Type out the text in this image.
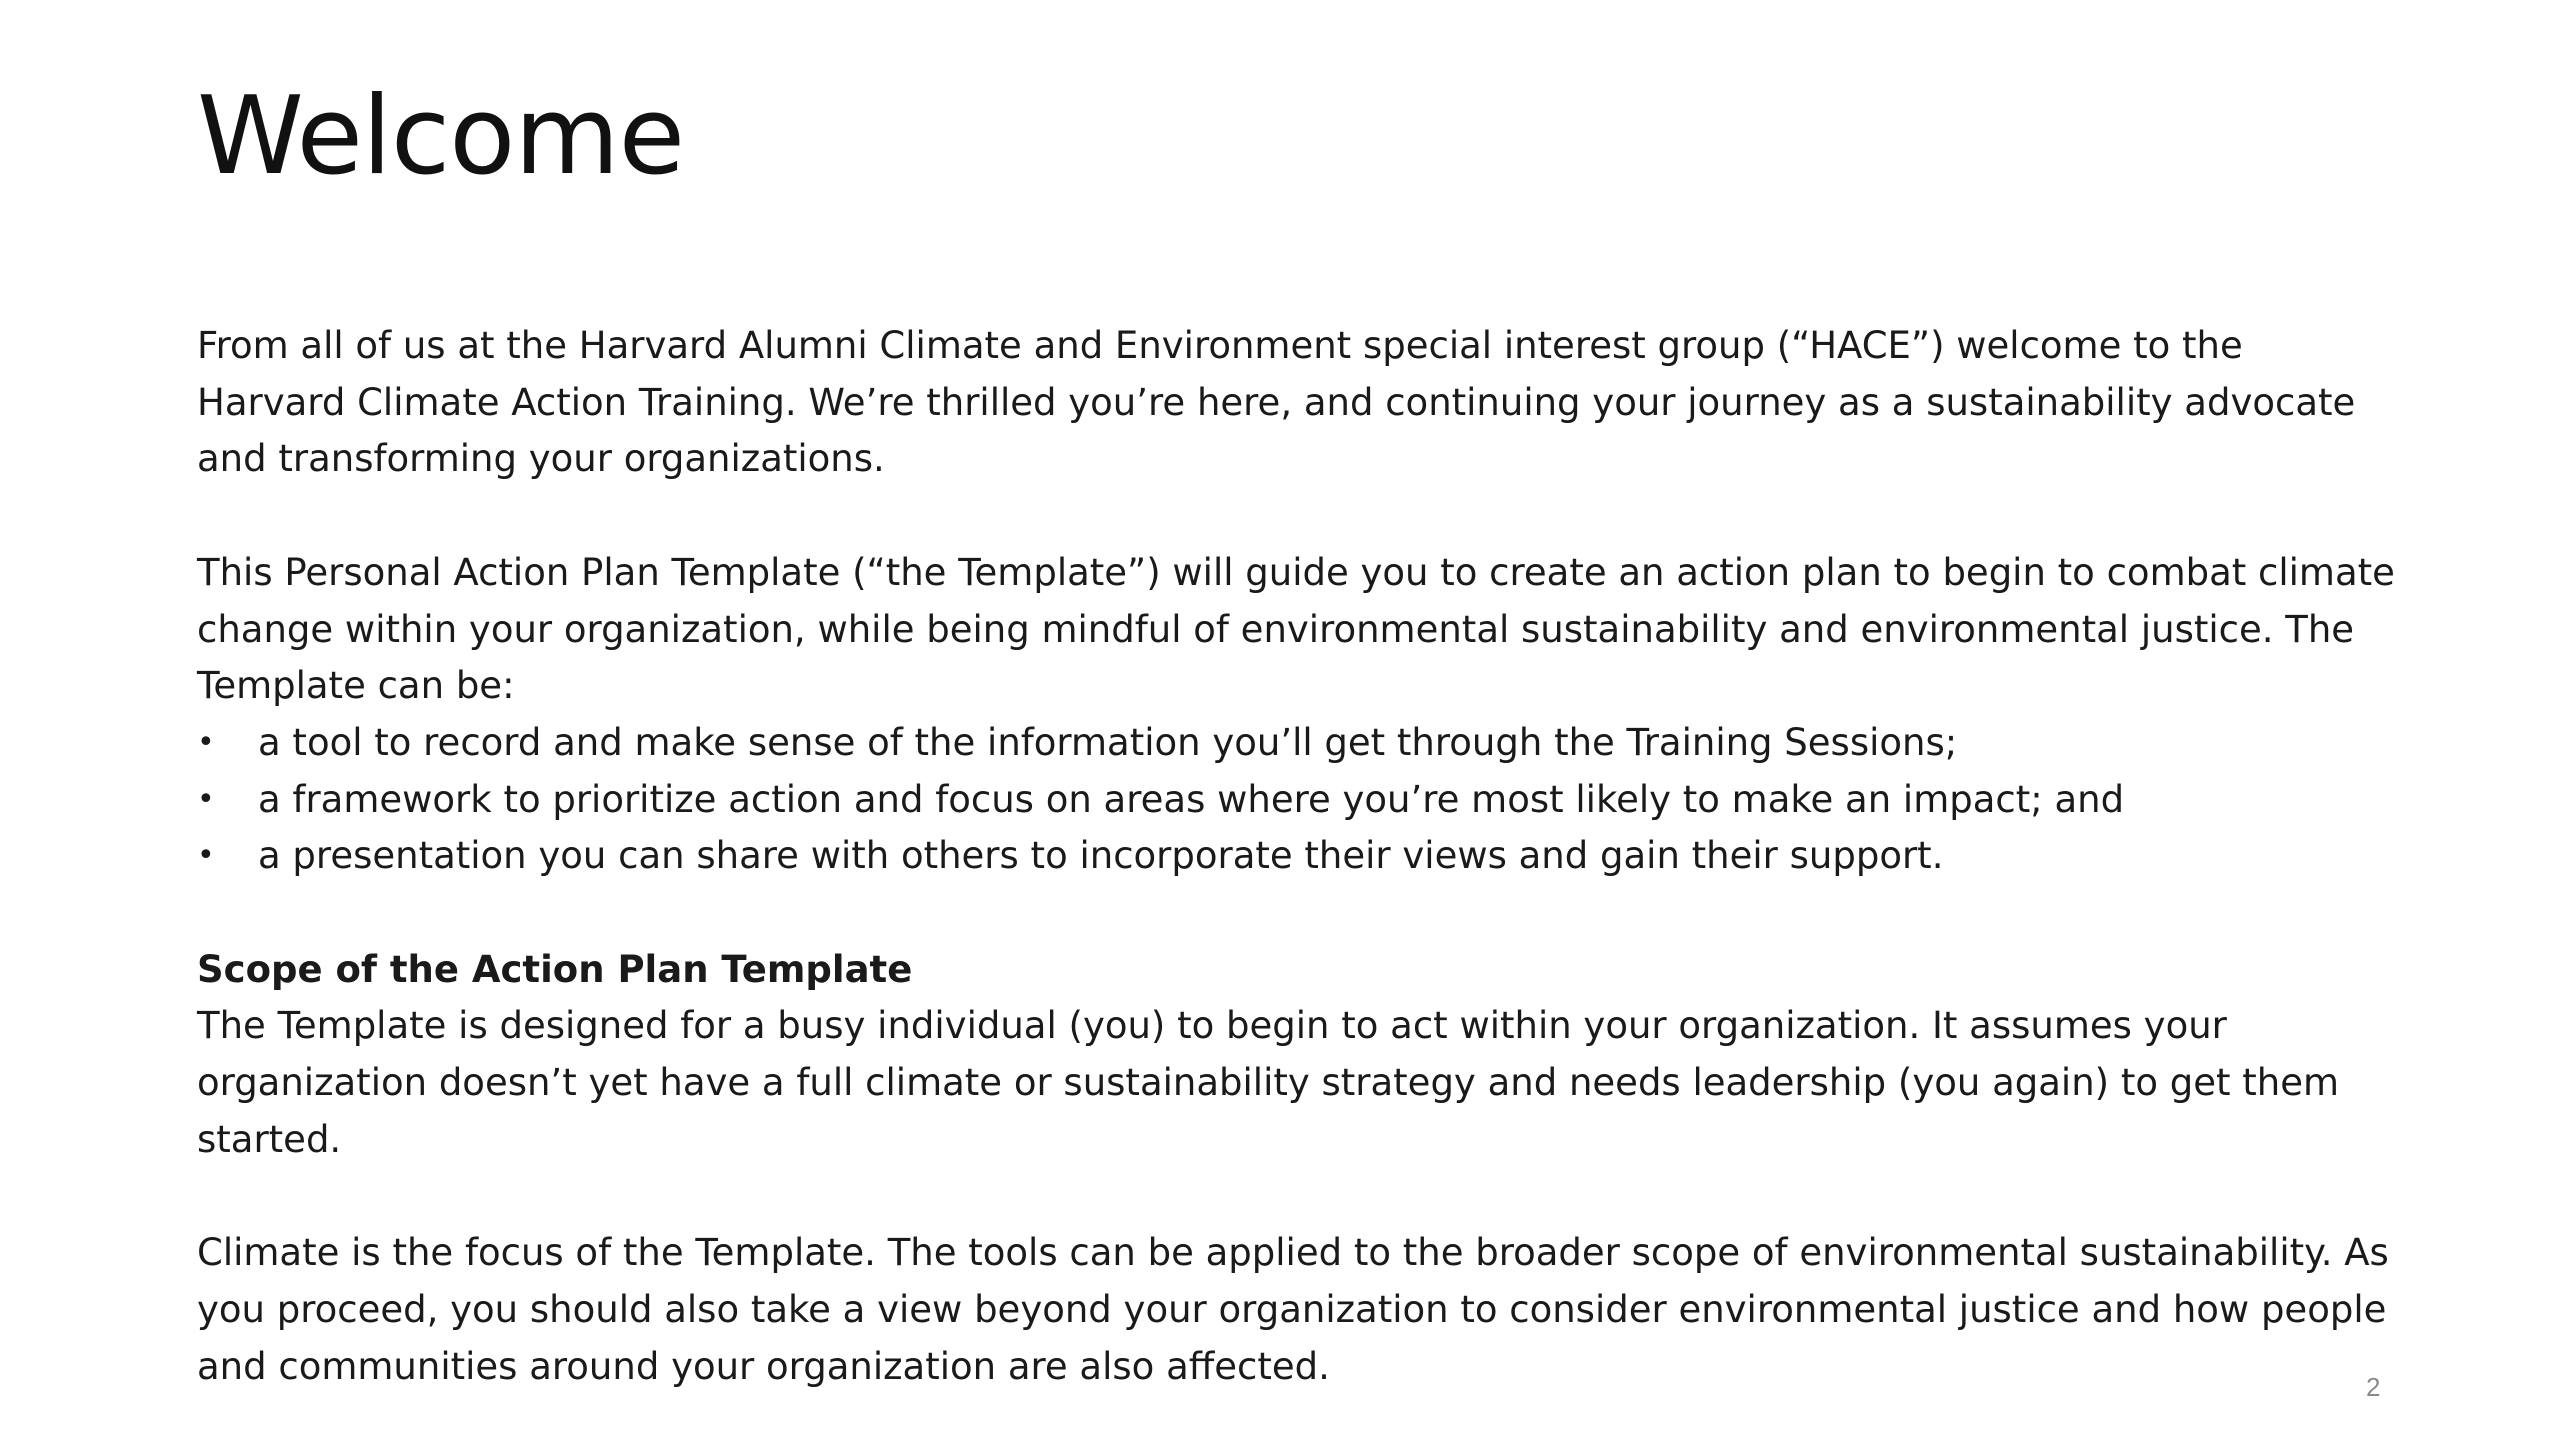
Welcome

From all of us at the Harvard Alumni Climate and Environment special interest group (“HACE”) welcome to the Harvard Climate Action Training. We’re thrilled you’re here, and continuing your journey as a sustainability advocate and transforming your organizations.

This Personal Action Plan Template (“the Template”) will guide you to create an action plan to begin to combat climate change within your organization, while being mindful of environmental sustainability and environmental justice. The Template can be:

• a tool to record and make sense of the information you’ll get through the Training Sessions;
• a framework to prioritize action and focus on areas where you’re most likely to make an impact; and
• a presentation you can share with others to incorporate their views and gain their support.

Scope of the Action Plan Template

The Template is designed for a busy individual (you) to begin to act within your organization. It assumes your organization doesn’t yet have a full climate or sustainability strategy and needs leadership (you again) to get them started.

Climate is the focus of the Template. The tools can be applied to the broader scope of environmental sustainability. As you proceed, you should also take a view beyond your organization to consider environmental justice and how people and communities around your organization are also affected.	2
